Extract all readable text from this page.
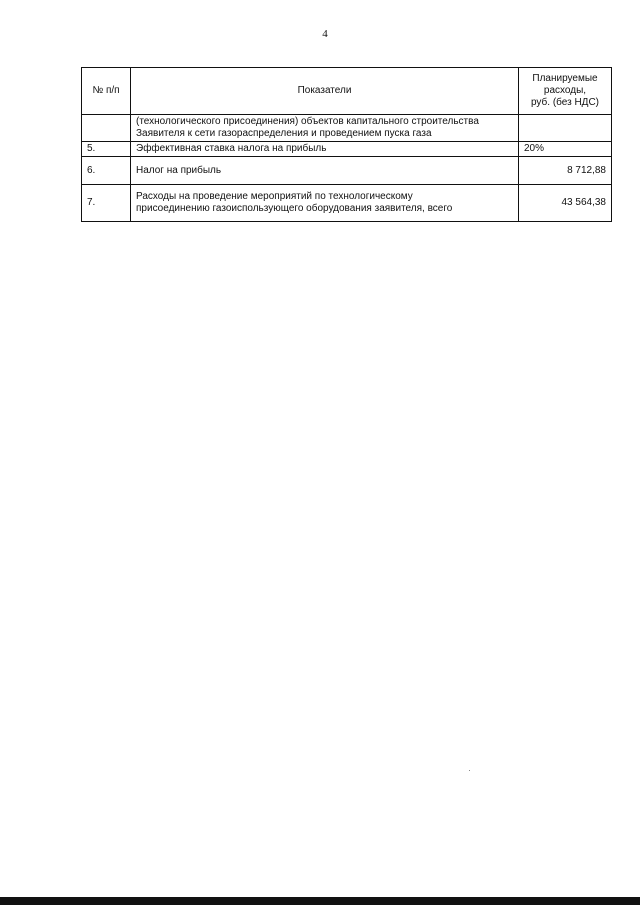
4
№ п/п	Показатели	Планируемые
расходы,
руб. (без НДС)

	(технологического присоединения) объектов капитального строительства
Заявителя к сети газораспределения и проведением пуска газа	

5.	Эффективная ставка налога на прибыль	20%
6.	Налог на прибыль	8 712,88
7.	Расходы на проведение мероприятий по технологическому
присоединению газоиспользующего оборудования заявителя, всего	43 564,38
